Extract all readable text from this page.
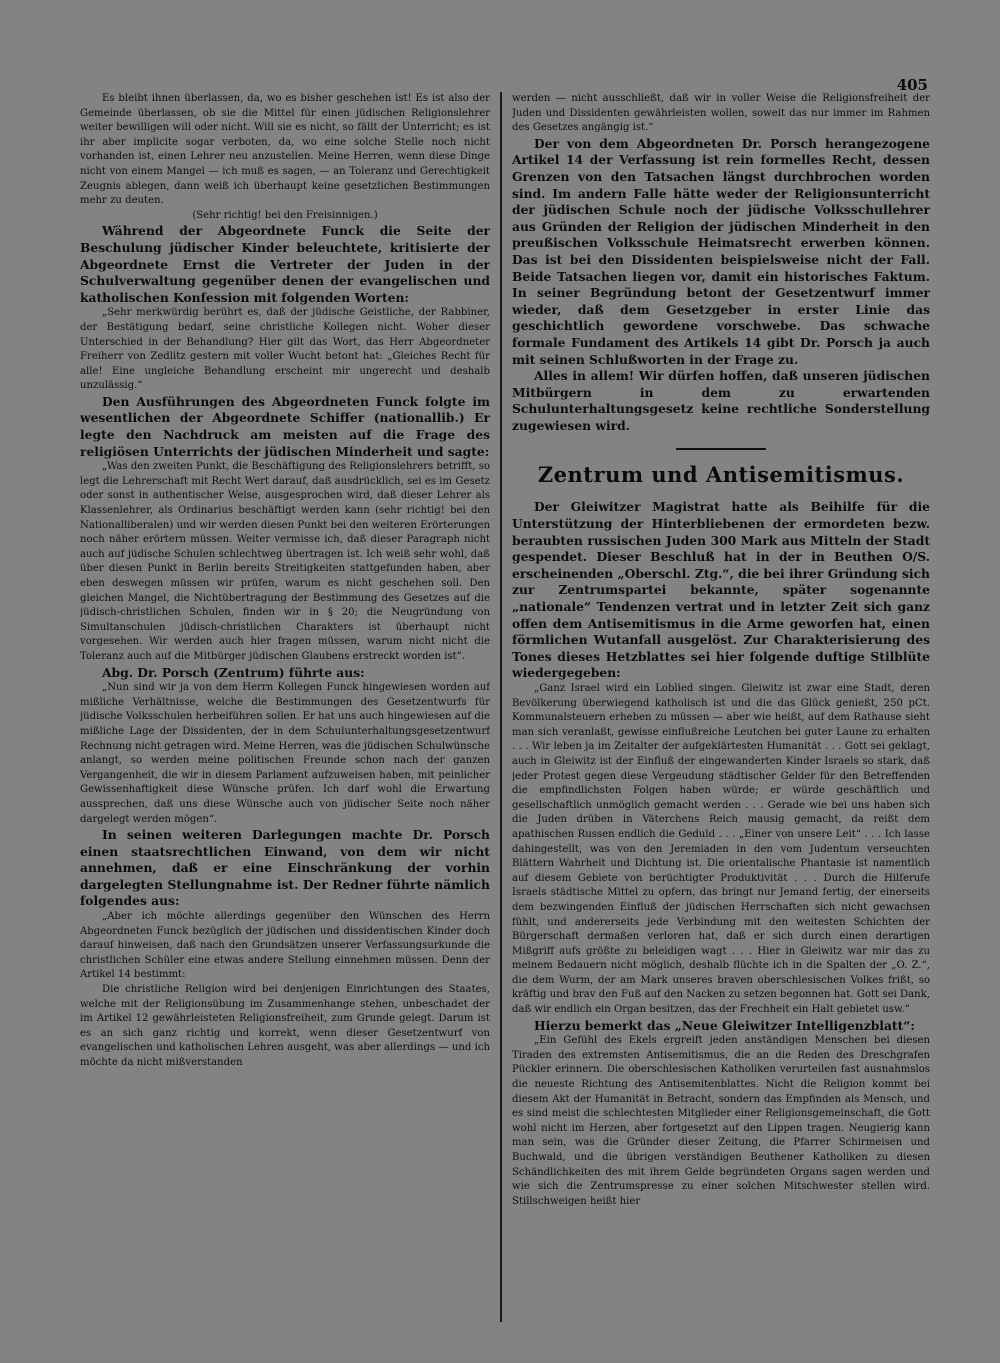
405

Es bleibt ihnen überlassen, da, wo es bisher geschehen ist! Es ist also der Gemeinde überlassen, ob sie die Mittel für einen jüdischen Religionslehrer weiter bewilligen will oder nicht. Will sie es nicht, so fällt der Unterricht; es ist ihr aber implicite sogar verboten, da, wo eine solche Stelle noch nicht vorhanden ist, einen Lehrer neu anzustellen. Meine Herren, wenn diese Dinge nicht von einem Mangel — ich muß es sagen, — an Toleranz und Gerechtigkeit Zeugnis ablegen, dann weiß ich überhaupt keine gesetzlichen Bestimmungen mehr zu deuten.

(Sehr richtig! bei den Freisinnigen.)

Während der Abgeordnete Funck die Seite der Beschulung jüdischer Kinder beleuchtete, kritisierte der Abgeordnete Ernst die Vertreter der Juden in der Schulverwaltung gegenüber denen der evangelischen und katholischen Konfession mit folgenden Worten:

„Sehr merkwürdig berührt es, daß der jüdische Geistliche, der Rabbiner, der Bestätigung bedarf, seine christliche Kollegen nicht. Woher dieser Unterschied in der Behandlung? Hier gilt das Wort, das Herr Abgeordneter Freiherr von Zedlitz gestern mit voller Wucht betont hat: „Gleiches Recht für alle! Eine ungleiche Behandlung erscheint mir ungerecht und deshalb unzulässig.“

Den Ausführungen des Abgeordneten Funck folgte im wesentlichen der Abgeordnete Schiffer (nationallib.) Er legte den Nachdruck am meisten auf die Frage des religiösen Unterrichts der jüdischen Minderheit und sagte:

„Was den zweiten Punkt, die Beschäftigung des Religionslehrers betrifft, so legt die Lehrerschaft mit Recht Wert darauf, daß ausdrücklich, sei es im Gesetz oder sonst in authentischer Weise, ausgesprochen wird, daß dieser Lehrer als Klassenlehrer, als Ordinarius beschäftigt werden kann (sehr richtig! bei den Nationalliberalen) und wir werden diesen Punkt bei den weiteren Erörterungen noch näher erörtern müssen. Weiter vermisse ich, daß dieser Paragraph nicht auch auf jüdische Schulen schlechtweg übertragen ist. Ich weiß sehr wohl, daß über diesen Punkt in Berlin bereits Streitigkeiten stattgefunden haben, aber eben deswegen müssen wir prüfen, warum es nicht geschehen soll. Den gleichen Mangel, die Nichtübertragung der Bestimmung des Gesetzes auf die jüdisch-christlichen Schulen, finden wir in § 20; die Neugründung von Simultanschulen jüdisch-christlichen Charakters ist überhaupt nicht vorgesehen. Wir werden auch hier fragen müssen, warum nicht nicht die Toleranz auch auf die Mitbürger jüdischen Glaubens erstreckt worden ist“.

Abg. Dr. Porsch (Zentrum) führte aus:

„Nun sind wir ja von dem Herrn Kollegen Funck hingewiesen worden auf mißliche Verhältnisse, welche die Bestimmungen des Gesetzentwurfs für jüdische Volksschulen herbeiführen sollen. Er hat uns auch hingewiesen auf die mißliche Lage der Dissidenten, der in dem Schulunterhaltungsgesetzentwurf Rechnung nicht getragen wird. Meine Herren, was die jüdischen Schulwünsche anlangt, so werden meine politischen Freunde schon nach der ganzen Vergangenheit, die wir in diesem Parlament aufzuweisen haben, mit peinlicher Gewissenhaftigkeit diese Wünsche prüfen. Ich darf wohl die Erwartung aussprechen, daß uns diese Wünsche auch von jüdischer Seite noch näher dargelegt werden mögen“.

In seinen weiteren Darlegungen machte Dr. Porsch einen staatsrechtlichen Einwand, von dem wir nicht annehmen, daß er eine Einschränkung der vorhin dargelegten Stellungnahme ist. Der Redner führte nämlich folgendes aus:

„Aber ich möchte allerdings gegenüber den Wünschen des Herrn Abgeordneten Funck bezüglich der jüdischen und dissidentischen Kinder doch darauf hinweisen, daß nach den Grundsätzen unserer Verfassungsurkunde die christlichen Schüler eine etwas andere Stellung einnehmen müssen. Denn der Artikel 14 bestimmt:

Die christliche Religion wird bei denjenigen Einrichtungen des Staates, welche mit der Religionsübung im Zusammenhange stehen, unbeschadet der im Artikel 12 gewährleisteten Religionsfreiheit, zum Grunde gelegt. Darum ist es an sich ganz richtig und korrekt, wenn dieser Gesetzentwurf von evangelischen und katholischen Lehren ausgeht, was aber allerdings — und ich möchte da nicht mißverstanden

werden — nicht ausschließt, daß wir in voller Weise die Religionsfreiheit der Juden und Dissidenten gewährleisten wollen, soweit das nur immer im Rahmen des Gesetzes angängig ist.“

Der von dem Abgeordneten Dr. Porsch herangezogene Artikel 14 der Verfassung ist rein formelles Recht, dessen Grenzen von den Tatsachen längst durchbrochen worden sind. Im andern Falle hätte weder der Religionsunterricht der jüdischen Schule noch der jüdische Volksschullehrer aus Gründen der Religion der jüdischen Minderheit in den preußischen Volksschule Heimatsrecht erwerben können. Das ist bei den Dissidenten beispielsweise nicht der Fall. Beide Tatsachen liegen vor, damit ein historisches Faktum. In seiner Begründung betont der Gesetzentwurf immer wieder, daß dem Gesetzgeber in erster Linie das geschichtlich gewordene vorschwebe. Das schwache formale Fundament des Artikels 14 gibt Dr. Porsch ja auch mit seinen Schlußworten in der Frage zu.

Alles in allem! Wir dürfen hoffen, daß unseren jüdischen Mitbürgern in dem zu erwartenden Schulunterhaltungsgesetz keine rechtliche Sonderstellung zugewiesen wird.

Zentrum und Antisemitismus.

Der Gleiwitzer Magistrat hatte als Beihilfe für die Unterstützung der Hinterbliebenen der ermordeten bezw. beraubten russischen Juden 300 Mark aus Mitteln der Stadt gespendet. Dieser Beschluß hat in der in Beuthen O/S. erscheinenden „Oberschl. Ztg.“, die bei ihrer Gründung sich zur Zentrumspartei bekannte, später sogenannte „nationale“ Tendenzen vertrat und in letzter Zeit sich ganz offen dem Antisemitismus in die Arme geworfen hat, einen förmlichen Wutanfall ausgelöst. Zur Charakterisierung des Tones dieses Hetzblattes sei hier folgende duftige Stilblüte wiedergegeben:

„Ganz Israel wird ein Loblied singen. Gleiwitz ist zwar eine Stadt, deren Bevölkerung überwiegend katholisch ist und die das Glück genießt, 250 pCt. Kommunalsteuern erheben zu müssen — aber wie heißt, auf dem Rathause sieht man sich veranlaßt, gewisse einflußreiche Leutchen bei guter Laune zu erhalten . . . Wir leben ja im Zeitalter der aufgeklärtesten Humanität . . . Gott sei geklagt, auch in Gleiwitz ist der Einfluß der eingewanderten Kinder Israels so stark, daß jeder Protest gegen diese Vergeudung städtischer Gelder für den Betreffenden die empfindlichsten Folgen haben würde; er würde geschäftlich und gesellschaftlich unmöglich gemacht werden . . . Gerade wie bei uns haben sich die Juden drüben in Väterchens Reich mausig gemacht, da reißt dem apathischen Russen endlich die Geduld . . . „Einer von unsere Leit“ . . . Ich lasse dahingestellt, was von den Jeremiaden in den vom Judentum verseuchten Blättern Wahrheit und Dichtung ist. Die orientalische Phantasie ist namentlich auf diesem Gebiete von berüchtigter Produktivität . . . Durch die Hilferufe Israels städtische Mittel zu opfern, das bringt nur Jemand fertig, der einerseits dem bezwingenden Einfluß der jüdischen Herrschaften sich nicht gewachsen fühlt, und andererseits jede Verbindung mit den weitesten Schichten der Bürgerschaft dermaßen verloren hat, daß er sich durch einen derartigen Mißgriff aufs größte zu beleidigen wagt . . . Hier in Gleiwitz war mir das zu meinem Bedauern nicht möglich, deshalb flüchte ich in die Spalten der „O. Z.“, die dem Wurm, der am Mark unseres braven oberschlesischen Volkes frißt, so kräftig und brav den Fuß auf den Nacken zu setzen begonnen hat. Gott sei Dank, daß wir endlich ein Organ besitzen, das der Frechheit ein Halt gebietet usw.“

Hierzu bemerkt das „Neue Gleiwitzer Intelligenzblatt“:

„Ein Gefühl des Ekels ergreift jeden anständigen Menschen bei diesen Tiraden des extremsten Antisemitismus, die an die Reden des Dreschgrafen Pückler erinnern. Die oberschlesischen Katholiken verurteilen fast ausnahmslos die neueste Richtung des Antisemitenblattes. Nicht die Religion kommt bei diesem Akt der Humanität in Betracht, sondern das Empfinden als Mensch, und es sind meist die schlechtesten Mitglieder einer Religionsgemeinschaft, die Gott wohl nicht im Herzen, aber fortgesetzt auf den Lippen tragen. Neugierig kann man sein, was die Gründer dieser Zeitung, die Pfarrer Schirmeisen und Buchwald, und die übrigen verständigen Beuthener Katholiken zu diesen Schändlichkeiten des mit ihrem Gelde begründeten Organs sagen werden und wie sich die Zentrumspresse zu einer solchen Mitschwester stellen wird. Stillschweigen heißt hier
